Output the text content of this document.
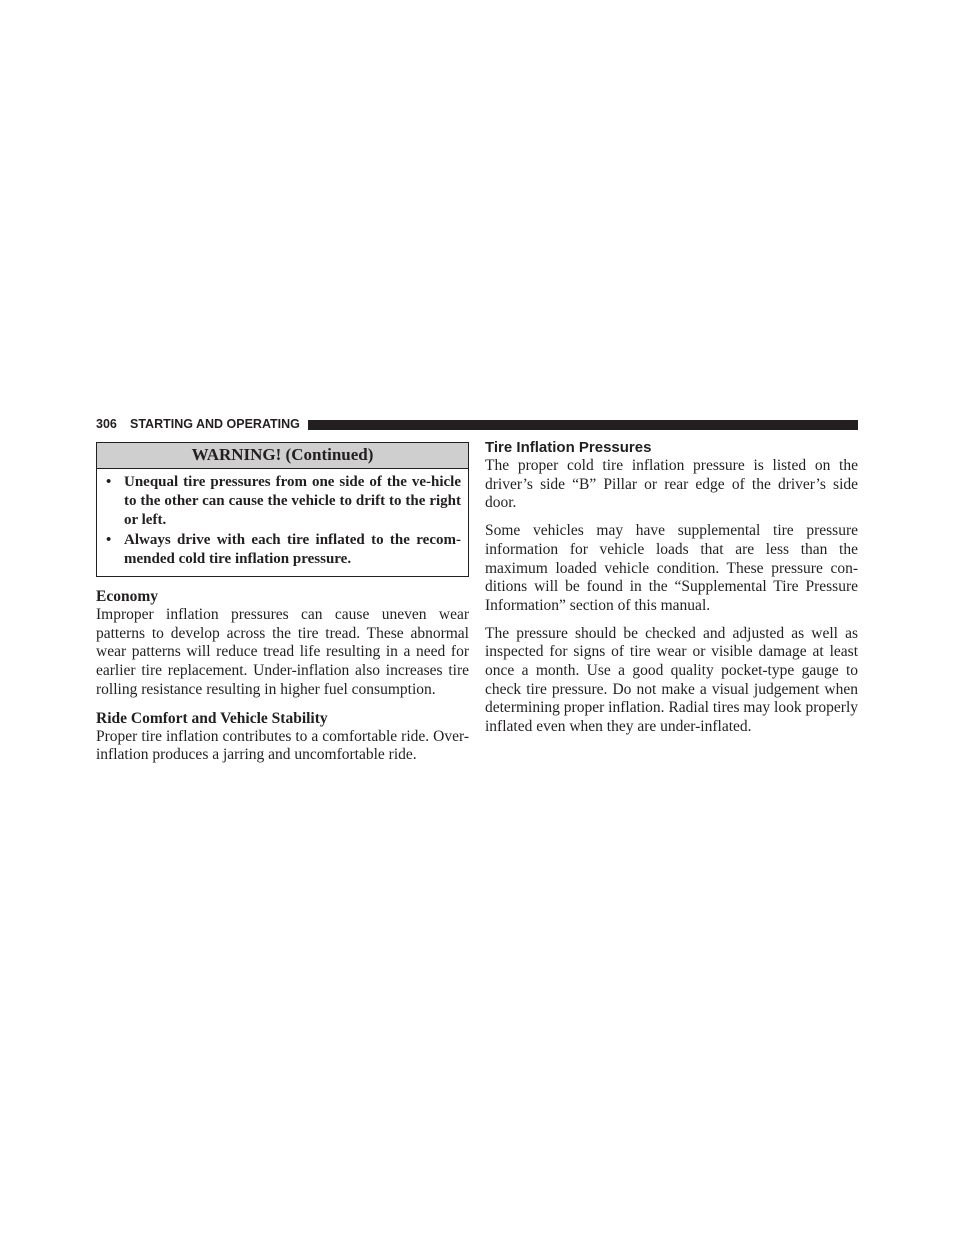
306 STARTING AND OPERATING
WARNING! (Continued)
• Unequal tire pressures from one side of the ve-hicle to the other can cause the vehicle to drift to the right or left.
• Always drive with each tire inflated to the recom-mended cold tire inflation pressure.
Economy

Improper inflation pressures can cause uneven wear patterns to develop across the tire tread. These abnormal wear patterns will reduce tread life resulting in a need for earlier tire replacement. Under-inflation also increases tire rolling resistance resulting in higher fuel consumption.

Ride Comfort and Vehicle Stability

Proper tire inflation contributes to a comfortable ride. Over-inflation produces a jarring and uncomfortable ride.

Tire Inflation Pressures

The proper cold tire inflation pressure is listed on the driver’s side “B” Pillar or rear edge of the driver’s side door.

Some vehicles may have supplemental tire pressure information for vehicle loads that are less than the maximum loaded vehicle condition. These pressure con-ditions will be found in the “Supplemental Tire Pressure Information” section of this manual.

The pressure should be checked and adjusted as well as inspected for signs of tire wear or visible damage at least once a month. Use a good quality pocket-type gauge to check tire pressure. Do not make a visual judgement when determining proper inflation. Radial tires may look properly inflated even when they are under-inflated.
